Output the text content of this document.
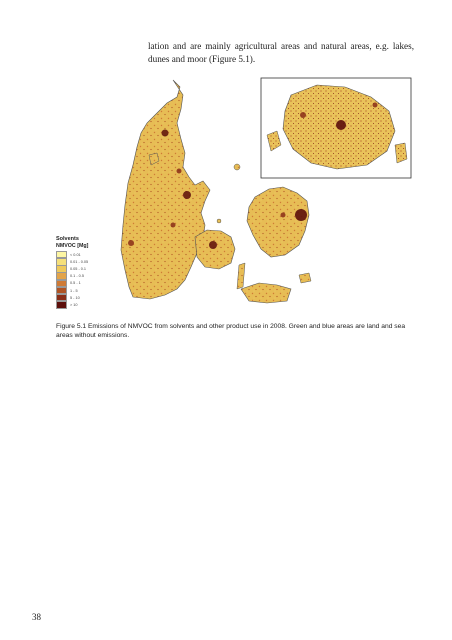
lation and are mainly agricultural areas and natural areas, e.g. lakes, dunes and moor (Figure 5.1).

Solvents
NMVOC [Mg]
< 0.01
0.01 - 0.05
0.05 - 0.1
0.1 - 0.5
0.5 - 1
1 - 5
5 - 10
> 10

Figure 5.1 Emissions of NMVOC from solvents and other product use in 2008. Green and blue areas are land and sea areas without emissions.

38
